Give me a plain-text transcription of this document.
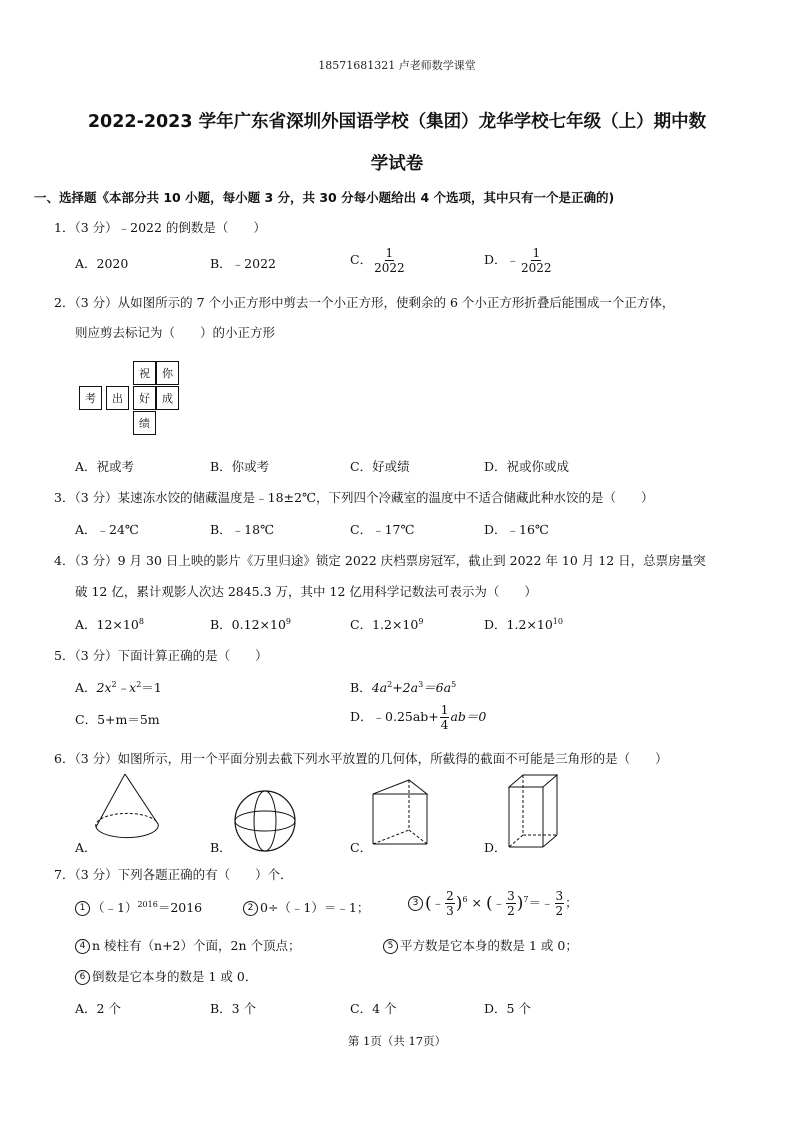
18571681321 卢老师数学课堂
2022-2023 学年广东省深圳外国语学校（集团）龙华学校七年级（上）期中数
学试卷
一、选择题《本部分共 10 小题，每小题 3 分，共 30 分每小题给出 4 个选项，其中只有一个是正确的)
1．（3 分）﹣2022 的倒数是（　　）
A．2020	B．﹣2022	C． $\frac{1}{2022}$	D．﹣ $\frac{1}{2022}$
2．（3 分）从如图所示的 7 个小正方形中剪去一个小正方形，使剩余的 6 个小正方形折叠后能围成一个正方体，
则应剪去标记为（　　）的小正方形
祝	你
考	出	好	成
绩
A．祝或考	B．你或考	C．好或绩	D．祝或你或成
3．（3 分）某速冻水饺的储藏温度是﹣18±2℃，下列四个冷藏室的温度中不适合储藏此种水饺的是（　　）
A．﹣24℃	B．﹣18℃	C．﹣17℃	D．﹣16℃
4．（3 分）9 月 30 日上映的影片《万里归途》锁定 2022 庆档票房冠军，截止到 2022 年 10 月 12 日，总票房量突
破 12 亿，累计观影人次达 2845.3 万，其中 12 亿用科学记数法可表示为（　　）
A．$12\times 10^8$	B．$0.12\times 10^9$	C．$1.2\times 10^9$	D．$1.2\times 10^{10}$
5．（3 分）下面计算正确的是（　　）
A．$2x^2﹣x^2=1$	B．$4a^2+2a^3=6a^5$
C．5+m＝5m	D．﹣0.25ab+ $\frac{1}{4} ab=0$
6．（3 分）如图所示，用一个平面分别去截下列水平放置的几何体，所截得的截面不可能是三角形的是（　　）
A．	B．	C．	D．
7．（3 分）下列各题正确的有（　　）个．
1 （﹣1）$^{2016}$＝2016	2 0÷（﹣1）＝﹣1；	3 (﹣ $\frac{2}{3} )^6$ × (﹣ $\frac{3}{2}$ )$^7$＝﹣ $\frac{3}{2}$ ；
4 n 棱柱有（n+2）个面，2n 个顶点；	5 平方数是它本身的数是 1 或 0；
6 倒数是它本身的数是 1 或 0．
A．2 个	B．3 个	C．4 个	D．5 个
第 1页（共 17页）
